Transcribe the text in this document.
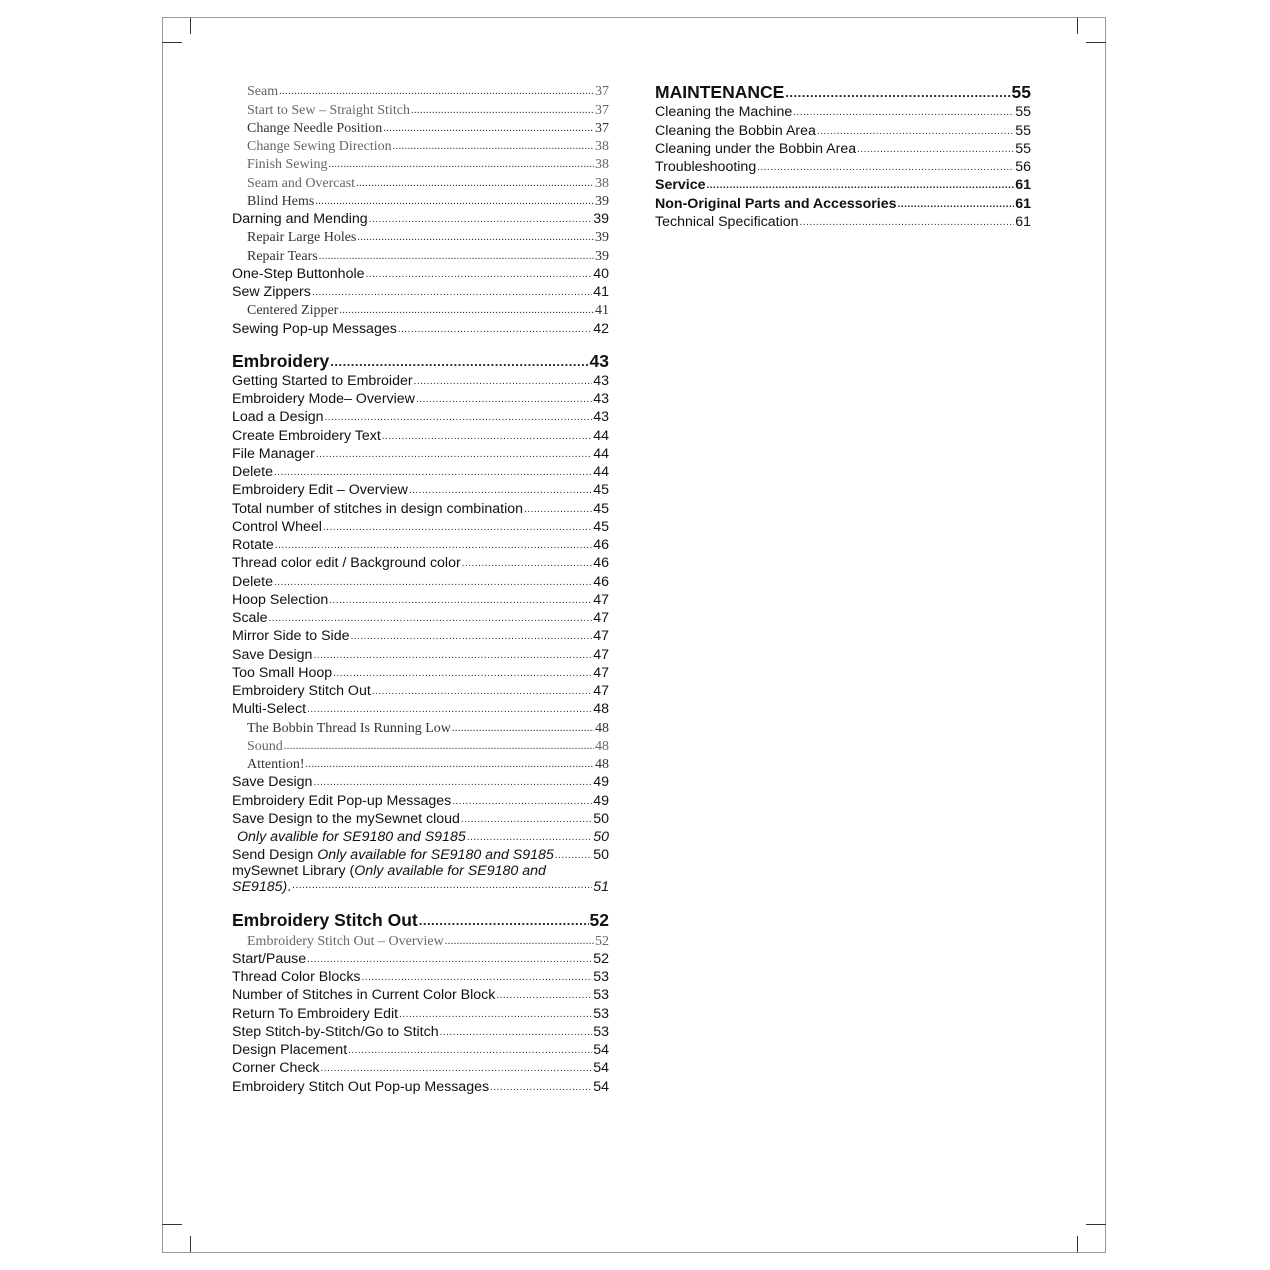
Seam .....	37
Start to Sew – Straight Stitch .....	37
Change Needle Position .....	37
Change Sewing Direction .....	38
Finish Sewing .....	38
Seam and Overcast .....	38
Blind Hems .....	39
Darning and Mending .....	39
Repair Large Holes .....	39
Repair Tears .....	39
One-Step Buttonhole .....	40
Sew Zippers .....	41
Centered Zipper .....	41
Sewing Pop-up Messages .....	42
Embroidery .....	43
Getting Started to Embroider .....	43
Embroidery Mode– Overview .....	43
Load a Design .....	43
Create Embroidery Text .....	44
File Manager .....	44
Delete .....	44
Embroidery Edit – Overview .....	45
Total number of stitches in design combination .....	45
Control Wheel .....	45
Rotate .....	46
Thread color edit / Background color .....	46
Delete .....	46
Hoop Selection .....	47
Scale .....	47
Mirror Side to Side .....	47
Save Design .....	47
Too Small Hoop .....	47
Embroidery Stitch Out .....	47
Multi-Select .....	48
The Bobbin Thread Is Running Low .....	48
Sound .....	48
Attention! .....	48
Save Design .....	49
Embroidery Edit Pop-up Messages .....	49
Save Design to the mySewnet cloud .....	50
Only avalible for SE9180 and S9185 .....	50
Send Design Only available for SE9180 and S9185 .....	50
mySewnet Library (Only available for SE9180 and
SE9185) . .....	51
Embroidery Stitch Out .....	52
Embroidery Stitch Out – Overview .....	52
Start/Pause .....	52
Thread Color Blocks .....	53
Number of Stitches in Current Color Block .....	53
Return To Embroidery Edit .....	53
Step Stitch-by-Stitch/Go to Stitch .....	53
Design Placement .....	54
Corner Check .....	54
Embroidery Stitch Out Pop-up Messages .....	54
MAINTENANCE .....	55
Cleaning the Machine .....	55
Cleaning the Bobbin Area .....	55
Cleaning under the Bobbin Area .....	55
Troubleshooting .....	56
Service .....	61
Non-Original Parts and Accessories .....	61
Technical Specification .....	61
